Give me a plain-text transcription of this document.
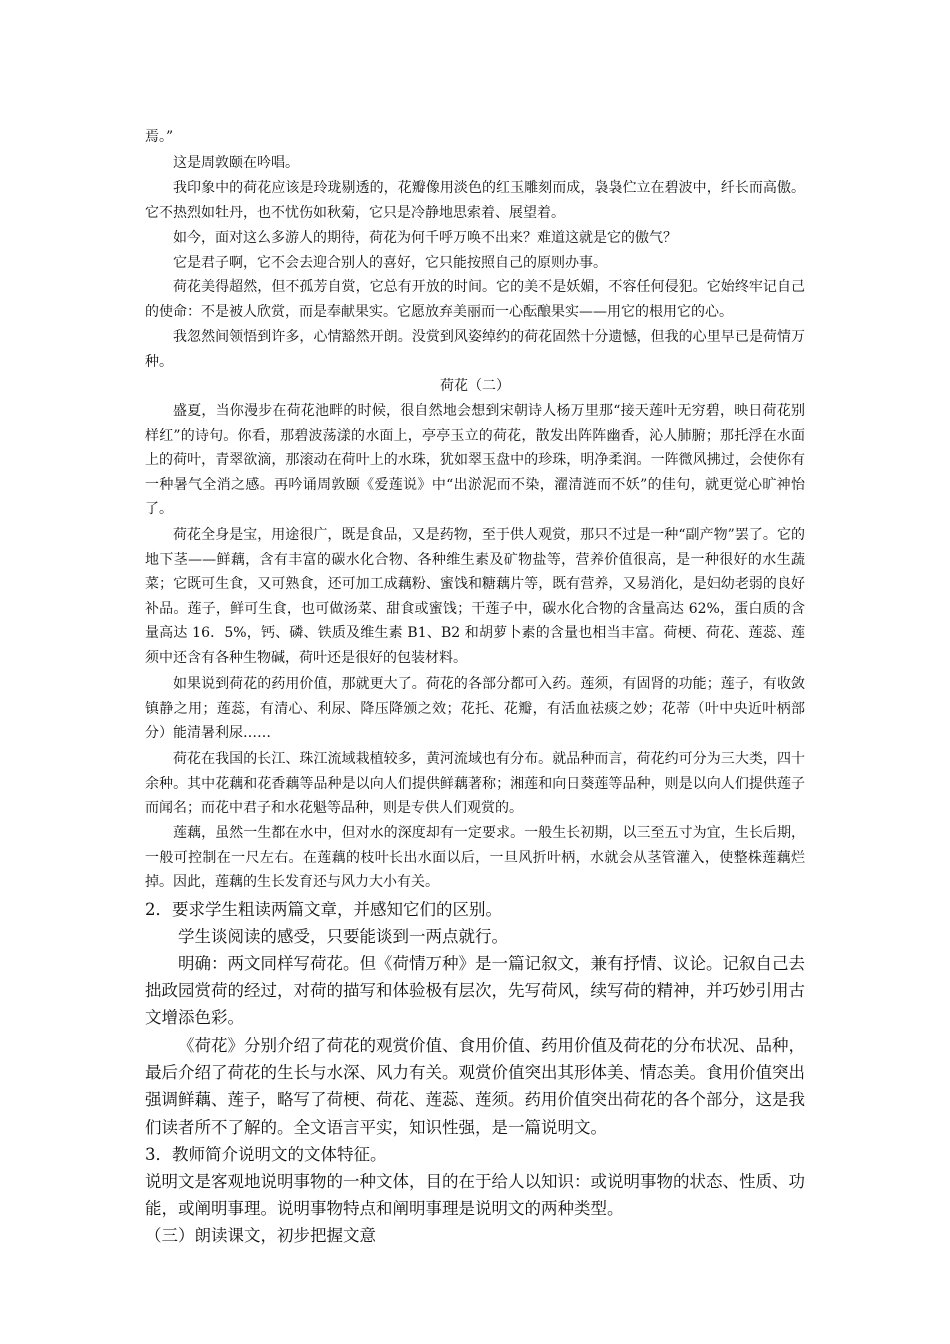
焉。”

这是周敦颐在吟唱。

我印象中的荷花应该是玲珑剔透的，花瓣像用淡色的红玉雕刻而成，袅袅伫立在碧波中，纤长而高傲。它不热烈如牡丹，也不忧伤如秋菊，它只是冷静地思索着、展望着。

如今，面对这么多游人的期待，荷花为何千呼万唤不出来？难道这就是它的傲气？

它是君子啊，它不会去迎合别人的喜好，它只能按照自己的原则办事。

荷花美得超然，但不孤芳自赏，它总有开放的时间。它的美不是妖媚，不容任何侵犯。它始终牢记自己的使命：不是被人欣赏，而是奉献果实。它愿放弃美丽而一心酝酿果实——用它的根用它的心。

我忽然间领悟到许多，心情豁然开朗。没赏到风姿绰约的荷花固然十分遗憾，但我的心里早已是荷情万种。

荷花（二）

盛夏，当你漫步在荷花池畔的时候，很自然地会想到宋朝诗人杨万里那“接天莲叶无穷碧，映日荷花别样红”的诗句。你看，那碧波荡漾的水面上，亭亭玉立的荷花，散发出阵阵幽香，沁人肺腑；那托浮在水面上的荷叶，青翠欲滴，那滚动在荷叶上的水珠，犹如翠玉盘中的珍珠，明净柔润。一阵微风拂过，会使你有一种暑气全消之感。再吟诵周敦颐《爱莲说》中“出淤泥而不染，濯清涟而不妖”的佳句，就更觉心旷神怡了。

荷花全身是宝，用途很广，既是食品，又是药物，至于供人观赏，那只不过是一种“副产物”罢了。它的地下茎——鲜藕，含有丰富的碳水化合物、各种维生素及矿物盐等，营养价值很高，是一种很好的水生蔬菜；它既可生食，又可熟食，还可加工成藕粉、蜜饯和糖藕片等，既有营养，又易消化，是妇幼老弱的良好补品。莲子，鲜可生食，也可做汤菜、甜食或蜜饯；干莲子中，碳水化合物的含量高达 62%，蛋白质的含量高达 16．5%，钙、磷、铁质及维生素 B1、B2 和胡萝卜素的含量也相当丰富。荷梗、荷花、莲蕊、莲须中还含有各种生物碱，荷叶还是很好的包装材料。

如果说到荷花的药用价值，那就更大了。荷花的各部分都可入药。莲须，有固肾的功能；莲子，有收敛镇静之用；莲蕊，有清心、利尿、降压降颁之效；花托、花瓣，有活血祛痰之妙；花蒂（叶中央近叶柄部分）能清暑利尿……

荷花在我国的长江、珠江流域栽植较多，黄河流域也有分布。就品种而言，荷花约可分为三大类，四十余种。其中花藕和花香藕等品种是以向人们提供鲜藕著称；湘莲和向日葵莲等品种，则是以向人们提供莲子而闻名；而花中君子和水花魁等品种，则是专供人们观赏的。

莲藕，虽然一生都在水中，但对水的深度却有一定要求。一般生长初期，以三至五寸为宜，生长后期，一般可控制在一尺左右。在莲藕的枝叶长出水面以后，一旦风折叶柄，水就会从茎管灌入，使整株莲藕烂掉。因此，莲藕的生长发育还与风力大小有关。

2．要求学生粗读两篇文章，并感知它们的区别。

学生谈阅读的感受，只要能谈到一两点就行。

明确：两文同样写荷花。但《荷情万种》是一篇记叙文，兼有抒情、议论。记叙自己去拙政园赏荷的经过，对荷的描写和体验极有层次，先写荷风，续写荷的精神，并巧妙引用古文增添色彩。

《荷花》分别介绍了荷花的观赏价值、食用价值、药用价值及荷花的分布状况、品种，最后介绍了荷花的生长与水深、风力有关。观赏价值突出其形体美、情态美。食用价值突出强调鲜藕、莲子，略写了荷梗、荷花、莲蕊、莲须。药用价值突出荷花的各个部分，这是我们读者所不了解的。全文语言平实，知识性强，是一篇说明文。

3．教师简介说明文的文体特征。

说明文是客观地说明事物的一种文体，目的在于给人以知识：或说明事物的状态、性质、功能，或阐明事理。说明事物特点和阐明事理是说明文的两种类型。

（三）朗读课文，初步把握文意
